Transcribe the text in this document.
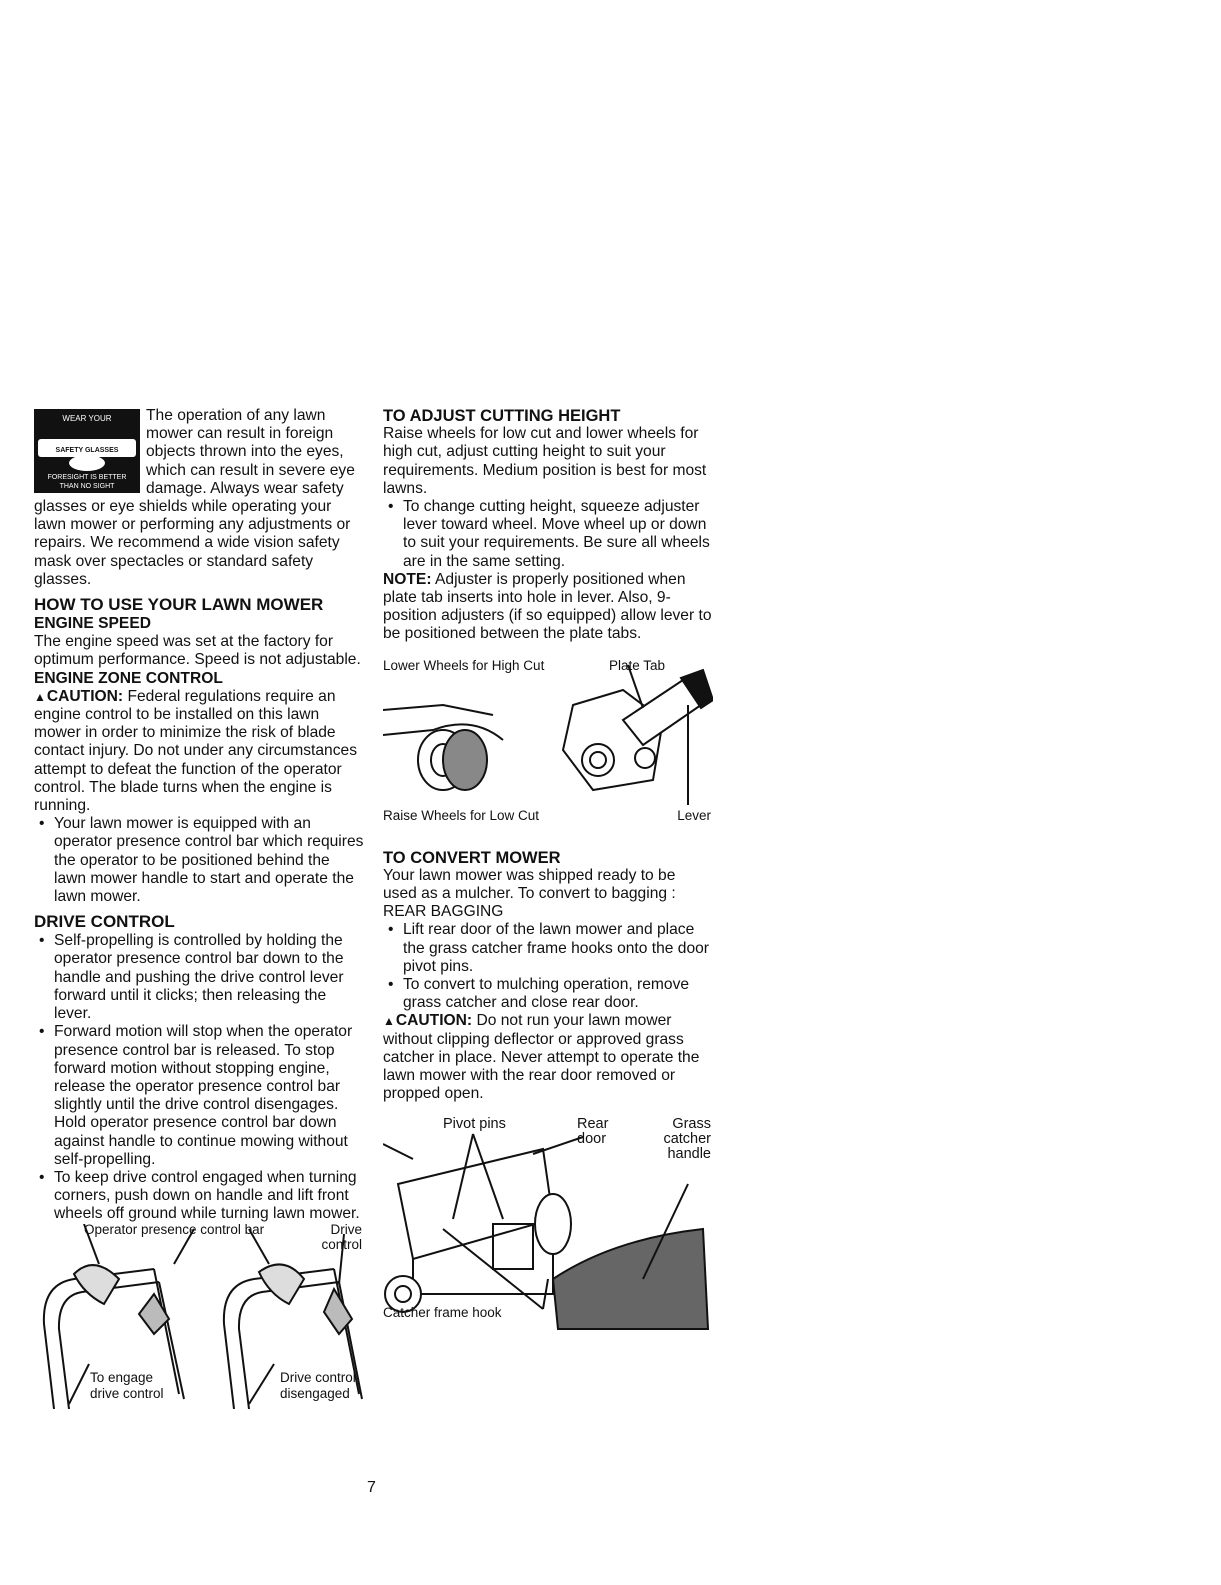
WEAR YOUR
SAFETY GLASSES
FORESIGHT IS BETTER
THAN NO SIGHT

The operation of any lawn mower can result in foreign objects thrown into the eyes, which can result in severe eye damage. Always wear safety glasses or eye shields while operating your lawn mower or performing any adjustments or repairs. We recommend a wide vision safety mask over spectacles or standard safety glasses.

HOW TO USE YOUR LAWN MOWER

ENGINE SPEED

The engine speed was set at the factory for optimum performance. Speed is not adjustable.

ENGINE ZONE CONTROL

▲CAUTION: Federal regulations require an engine control to be installed on this lawn mower in order to minimize the risk of blade contact injury. Do not under any circumstances attempt to defeat the function of the operator control. The blade turns when the engine is running.

• Your lawn mower is equipped with an operator presence control bar which requires the operator to be positioned behind the lawn mower handle to start and operate the lawn mower.

DRIVE CONTROL

• Self-propelling is controlled by holding the operator presence control bar down to the handle and pushing the drive control lever forward until it clicks; then releasing the lever.
• Forward motion will stop when the operator presence control bar is released. To stop forward motion without stopping engine, release the operator presence control bar slightly until the drive control disengages. Hold operator presence control bar down against handle to continue mowing without self-propelling.
• To keep drive control engaged when turning corners, push down on handle and lift front wheels off ground while turning lawn mower.
Operator presence control bar	Drive
control
To engage
drive control
Drive control
disengaged

TO ADJUST CUTTING HEIGHT

Raise wheels for low cut and lower wheels for high cut, adjust cutting height to suit your requirements. Medium position is best for most lawns.

• To change cutting height, squeeze adjuster lever toward wheel. Move wheel up or down to suit your requirements. Be sure all wheels are in the same setting.

NOTE: Adjuster is properly positioned when plate tab inserts into hole in lever. Also, 9-position adjusters (if so equipped) allow lever to be positioned between the plate tabs.

Lower Wheels for High Cut	Plate Tab
Raise Wheels for Low Cut	Lever

TO CONVERT MOWER

Your lawn mower was shipped ready to be used as a mulcher. To convert to bagging :

REAR BAGGING

• Lift rear door of the lawn mower and place the grass catcher frame hooks onto the door pivot pins.
• To convert to mulching operation, remove grass catcher and close rear door.

▲CAUTION: Do not run your lawn mower without clipping deflector or approved grass catcher in place. Never attempt to operate the lawn mower with the rear door removed or propped open.

Pivot pins	Rear
door
Grass
catcher
handle
Catcher frame hook
7
